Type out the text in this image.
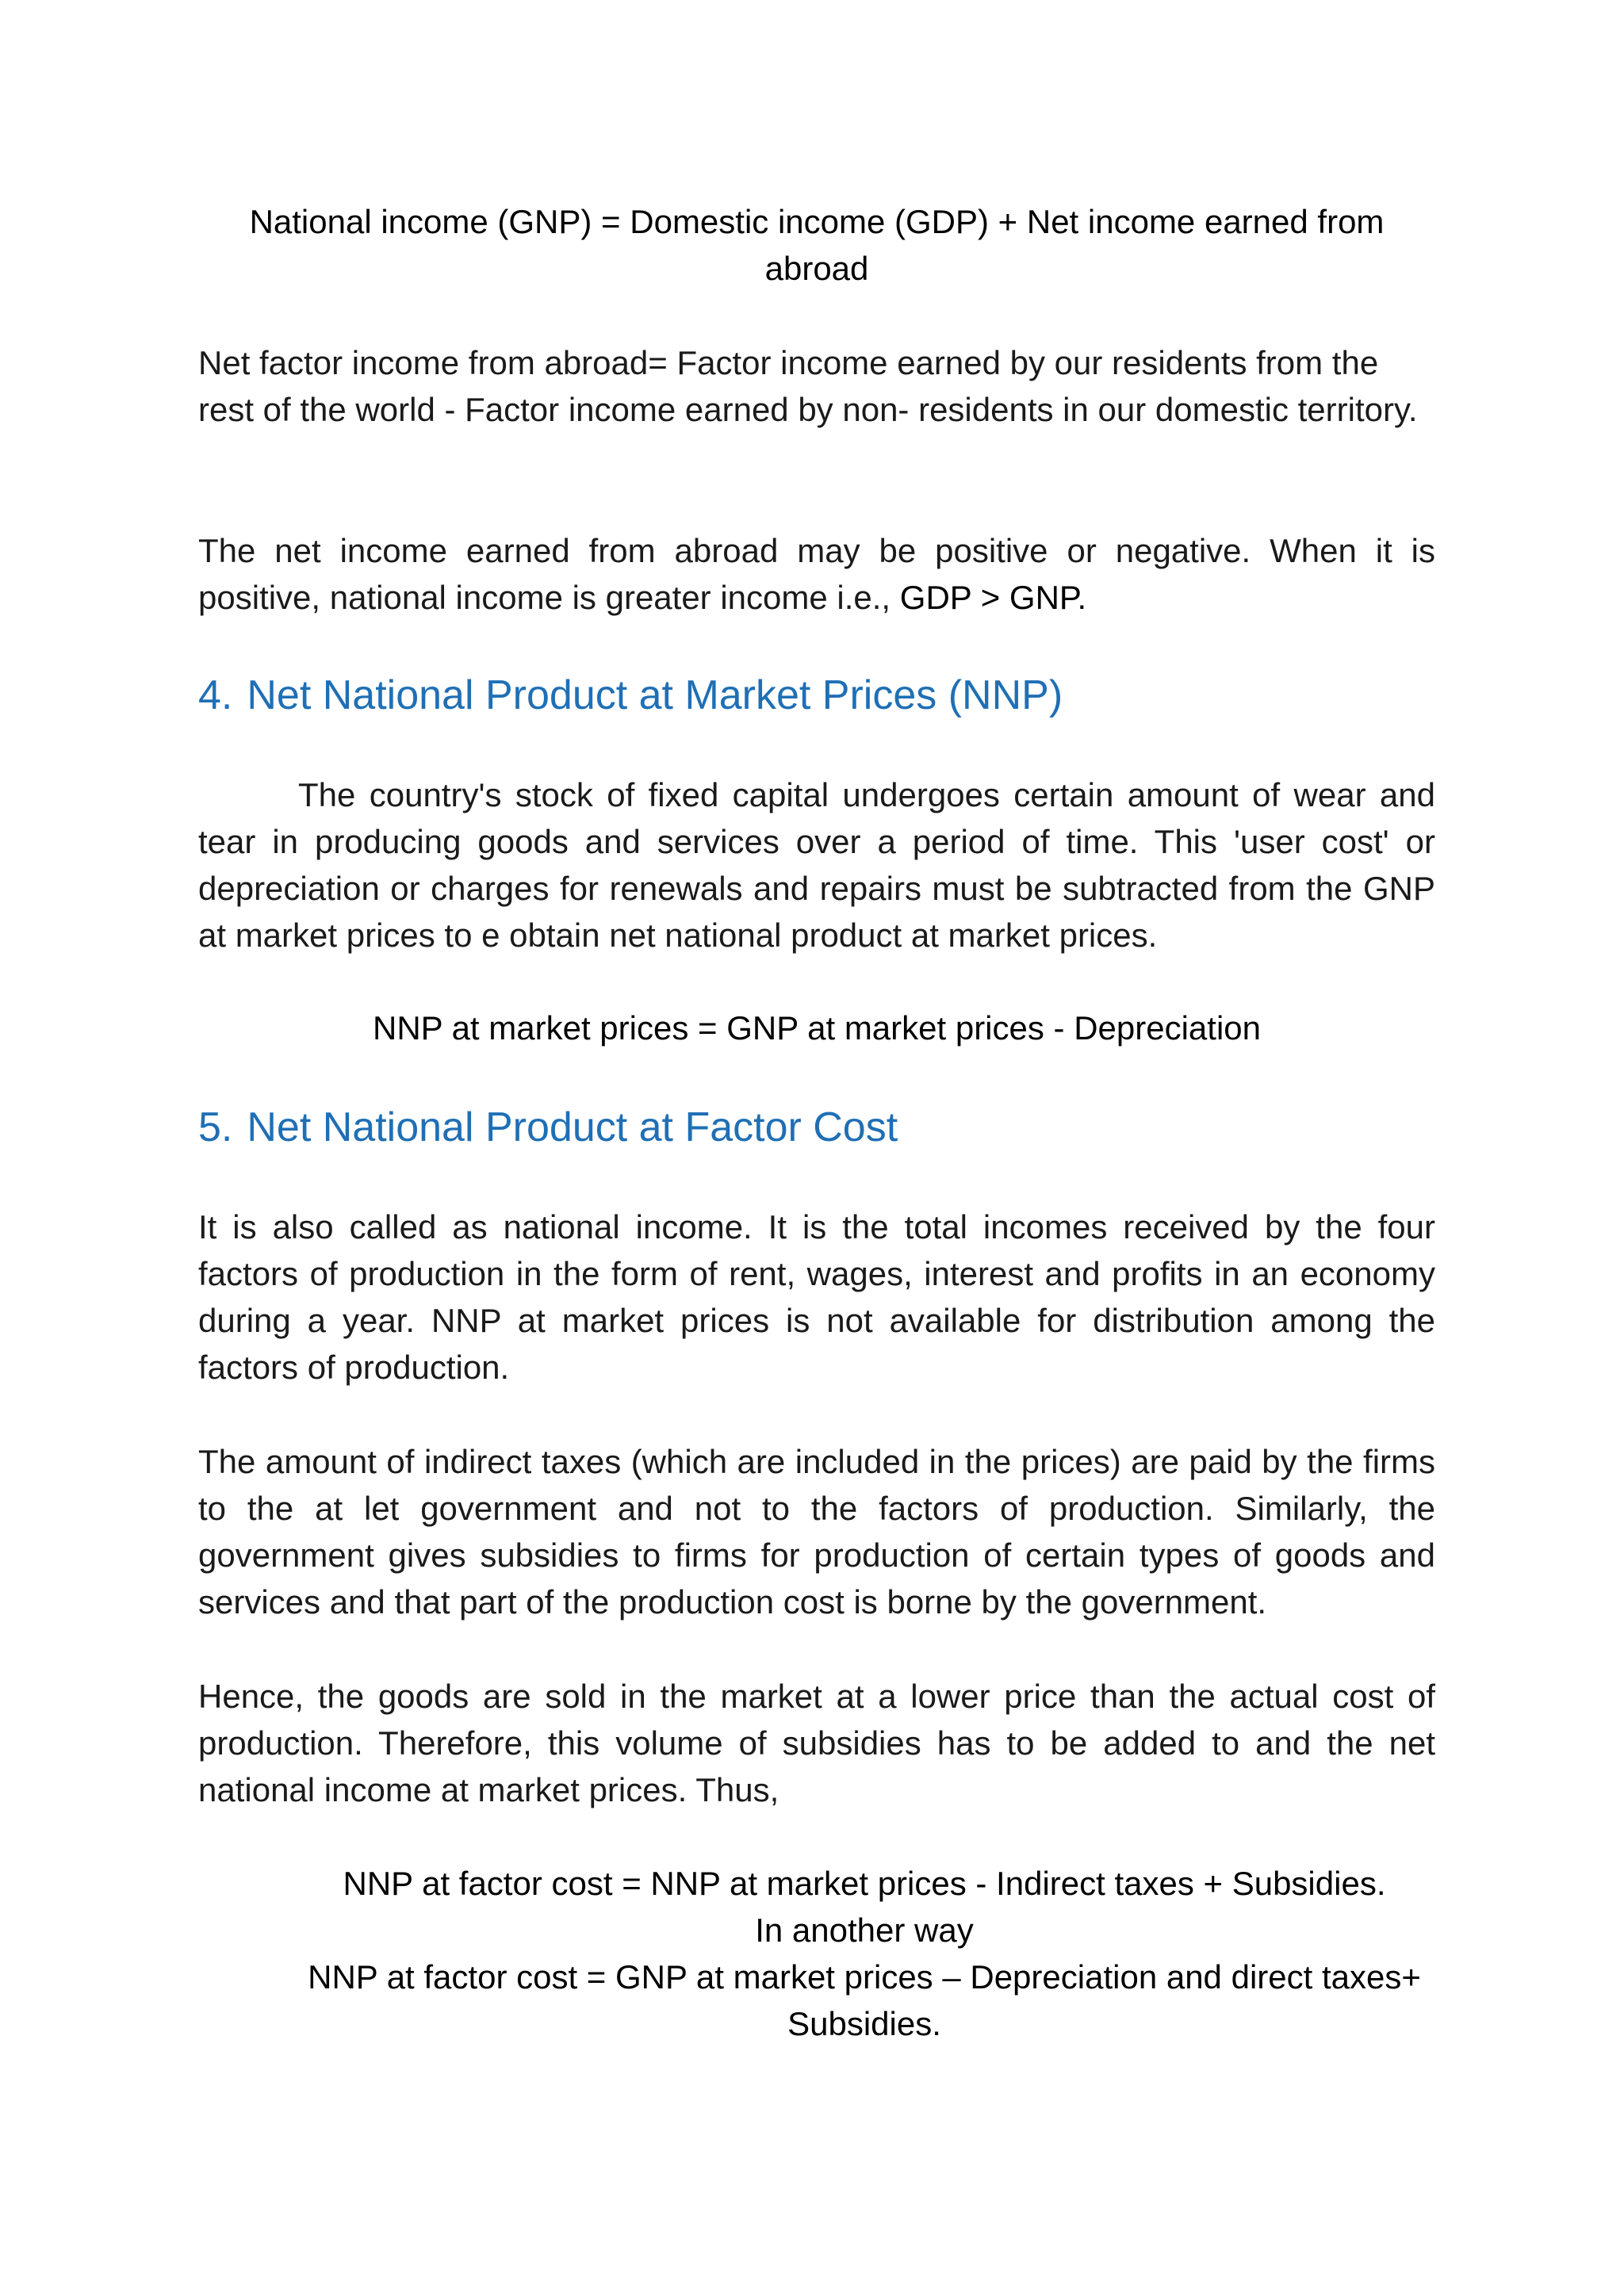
National income (GNP) = Domestic income (GDP) + Net income earned from
abroad

Net factor income from abroad= Factor income earned by our residents from the rest of the world - Factor income earned by non- residents in our domestic territory.

The net income earned from abroad may be positive or negative. When it is positive, national income is greater income i.e., GDP > GNP.

4. Net National Product at Market Prices (NNP)

The country's stock of fixed capital undergoes certain amount of wear and tear in producing goods and services over a period of time. This 'user cost' or depreciation or charges for renewals and repairs must be subtracted from the GNP at market prices to e obtain net national product at market prices.

NNP at market prices = GNP at market prices - Depreciation

5. Net National Product at Factor Cost

It is also called as national income. It is the total incomes received by the four factors of production in the form of rent, wages, interest and profits in an economy during a year. NNP at market prices is not available for distribution among the factors of production.

The amount of indirect taxes (which are included in the prices) are paid by the firms to the at let government and not to the factors of production. Similarly, the government gives subsidies to firms for production of certain types of goods and services and that part of the production cost is borne by the government.

Hence, the goods are sold in the market at a lower price than the actual cost of production. Therefore, this volume of subsidies has to be added to and the net national income at market prices. Thus,

NNP at factor cost = NNP at market prices - Indirect taxes + Subsidies.
In another way
NNP at factor cost = GNP at market prices – Depreciation and direct taxes+
Subsidies.
